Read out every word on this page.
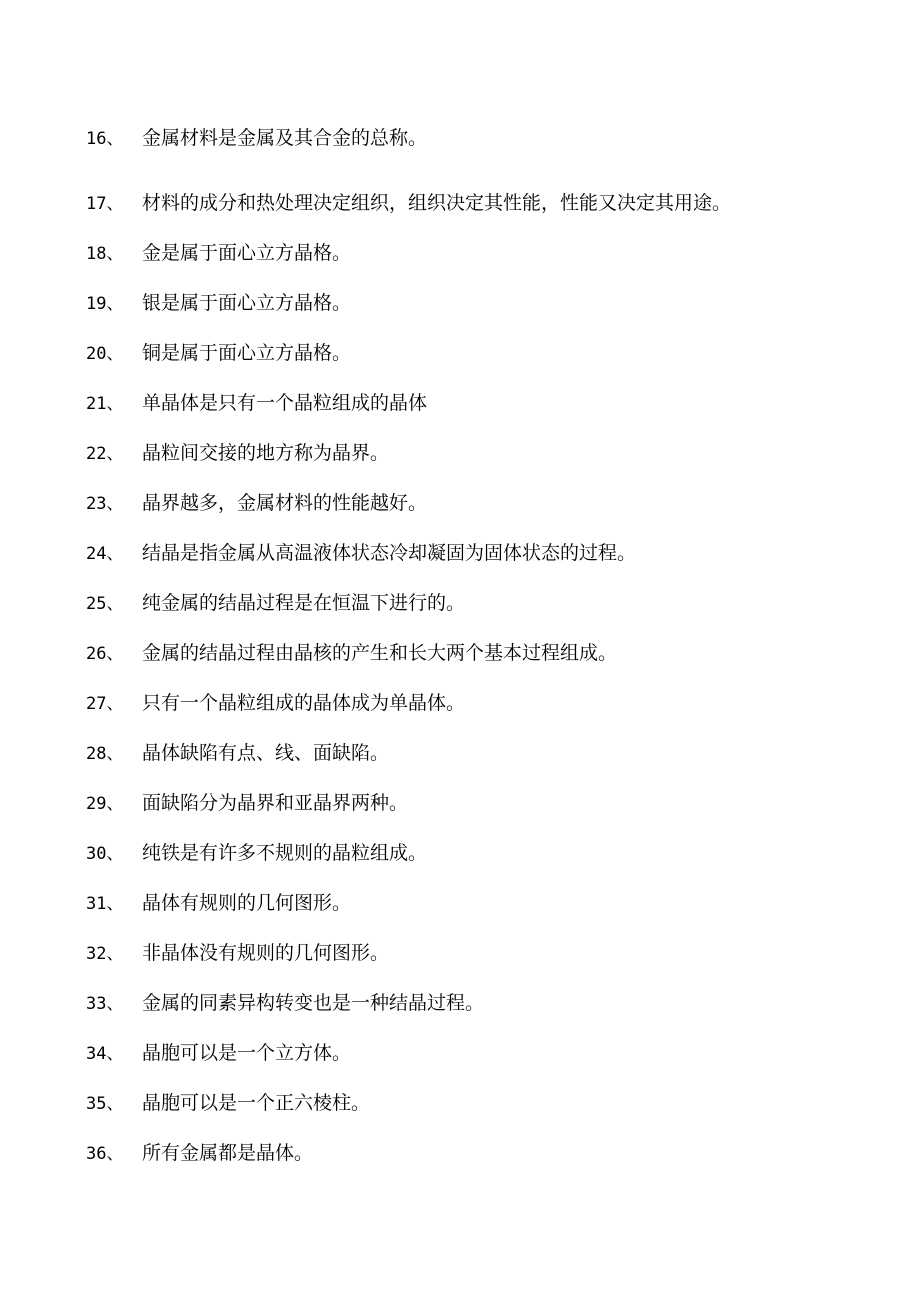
16、 金属材料是金属及其合金的总称。
17、 材料的成分和热处理决定组织，组织决定其性能，性能又决定其用途。
18、 金是属于面心立方晶格。
19、 银是属于面心立方晶格。
20、 铜是属于面心立方晶格。
21、 单晶体是只有一个晶粒组成的晶体
22、 晶粒间交接的地方称为晶界。
23、 晶界越多，金属材料的性能越好。
24、 结晶是指金属从高温液体状态冷却凝固为固体状态的过程。
25、 纯金属的结晶过程是在恒温下进行的。
26、 金属的结晶过程由晶核的产生和长大两个基本过程组成。
27、 只有一个晶粒组成的晶体成为单晶体。
28、 晶体缺陷有点、线、面缺陷。
29、 面缺陷分为晶界和亚晶界两种。
30、 纯铁是有许多不规则的晶粒组成。
31、 晶体有规则的几何图形。
32、 非晶体没有规则的几何图形。
33、 金属的同素异构转变也是一种结晶过程。
34、 晶胞可以是一个立方体。
35、 晶胞可以是一个正六棱柱。
36、 所有金属都是晶体。
